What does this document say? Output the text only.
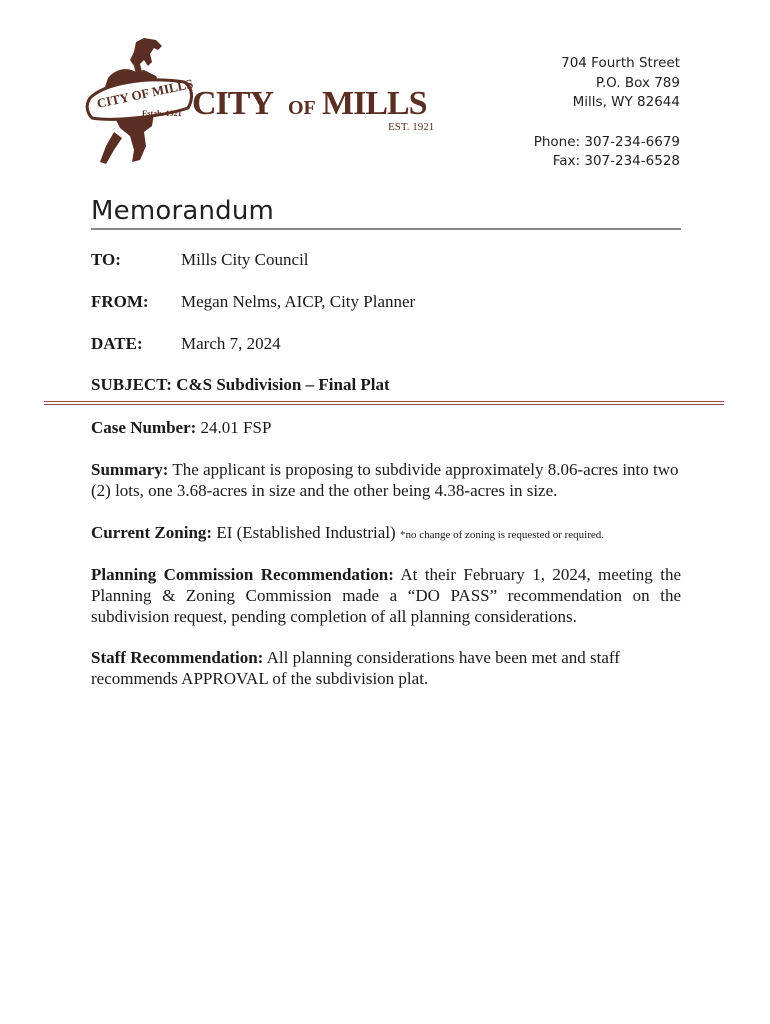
CITY OF MILLS
Estab. 1921 CITY OF MILLS
EST. 1921
704 Fourth Street
P.O. Box 789
Mills, WY 82644
Phone: 307-234-6679
Fax: 307-234-6528
Memorandum
TO:	Mills City Council
FROM: Megan Nelms, AICP, City Planner
DATE: March 7, 2024
SUBJECT: C&S Subdivision – Final Plat

Case Number: 24.01 FSP

Summary: The applicant is proposing to subdivide approximately 8.06-acres into two (2) lots, one 3.68-acres in size and the other being 4.38-acres in size.

Current Zoning: EI (Established Industrial) *no change of zoning is requested or required.

Planning Commission Recommendation: At their February 1, 2024, meeting the Planning & Zoning Commission made a “DO PASS” recommendation on the subdivision request, pending completion of all planning considerations.

Staff Recommendation: All planning considerations have been met and staff recommends APPROVAL of the subdivision plat.
